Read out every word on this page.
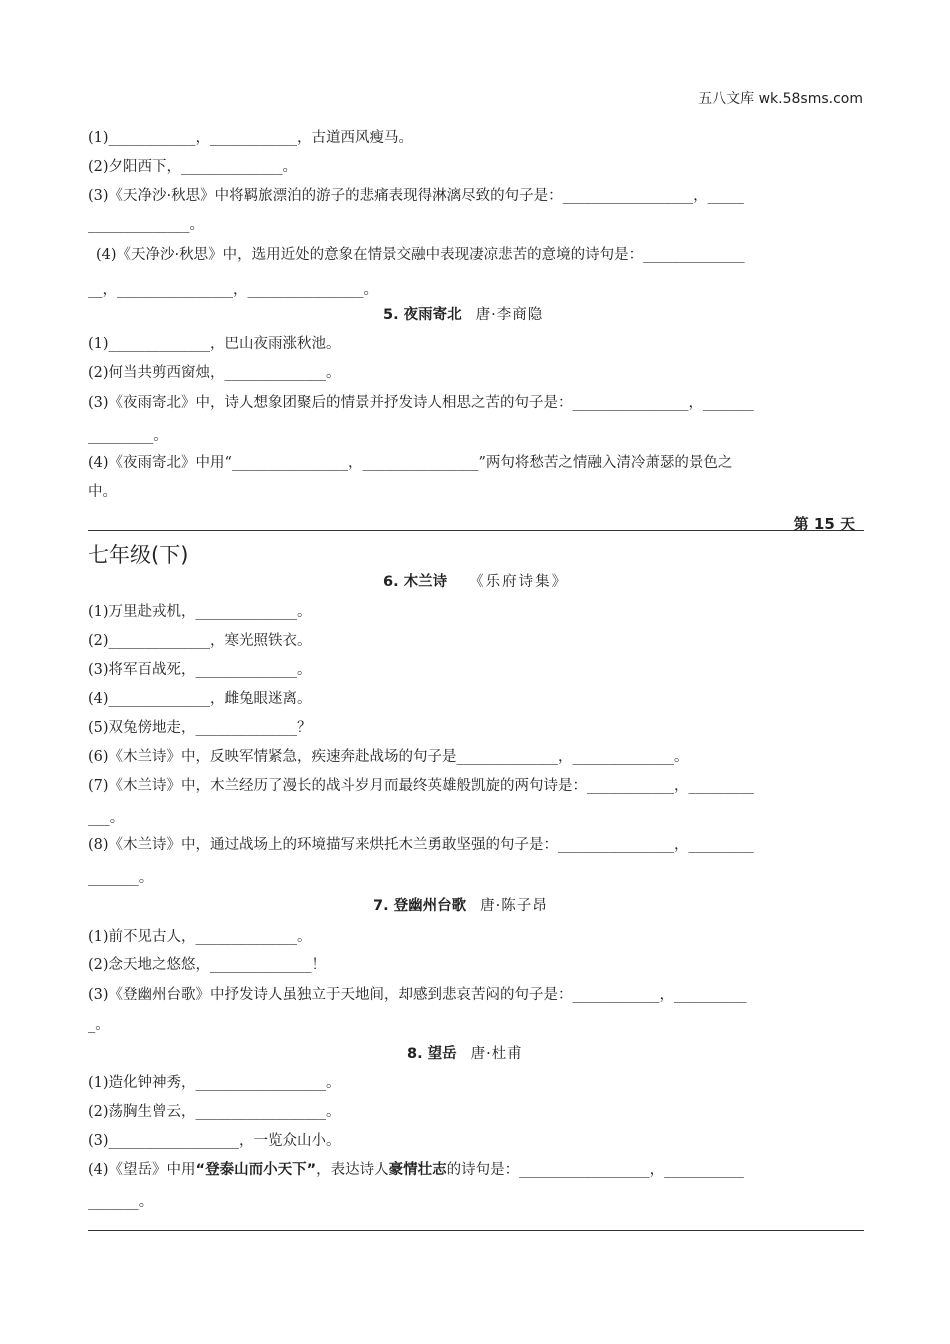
五八文库 wk.58sms.com
(1)____________，____________，古道西风瘦马。
(2)夕阳西下，______________。
(3)《天净沙·秋思》中将羁旅漂泊的游子的悲痛表现得淋漓尽致的句子是：__________________，_____
______________。
(4)《天净沙·秋思》中，选用近处的意象在情景交融中表现凄凉悲苦的意境的诗句是：______________
__，________________，________________。
5. 夜雨寄北 唐·李商隐
(1)______________，巴山夜雨涨秋池。
(2)何当共剪西窗烛，______________。
(3)《夜雨寄北》中，诗人想象团聚后的情景并抒发诗人相思之苦的句子是：________________，_______
_________。
(4)《夜雨寄北》中用“________________，________________”两句将愁苦之情融入清冷萧瑟的景色之
中。
第 15 天
七年级(下)
6. 木兰诗 《乐府诗集》
(1)万里赴戎机，______________。
(2)______________，寒光照铁衣。
(3)将军百战死，______________。
(4)______________，雌兔眼迷离。
(5)双兔傍地走，______________？
(6)《木兰诗》中，反映军情紧急，疾速奔赴战场的句子是______________，______________。
(7)《木兰诗》中，木兰经历了漫长的战斗岁月而最终英雄般凯旋的两句诗是：____________，_________
___。
(8)《木兰诗》中，通过战场上的环境描写来烘托木兰勇敢坚强的句子是：________________，_________
_______。
7. 登幽州台歌 唐·陈子昂
(1)前不见古人，______________。
(2)念天地之悠悠，______________！
(3)《登幽州台歌》中抒发诗人虽独立于天地间，却感到悲哀苦闷的句子是：____________，__________
_。
8. 望岳 唐·杜甫
(1)造化钟神秀，__________________。
(2)荡胸生曾云，__________________。
(3)__________________，一览众山小。
(4)《望岳》中用“登泰山而小天下”，表达诗人豪情壮志的诗句是：__________________，___________
_______。
